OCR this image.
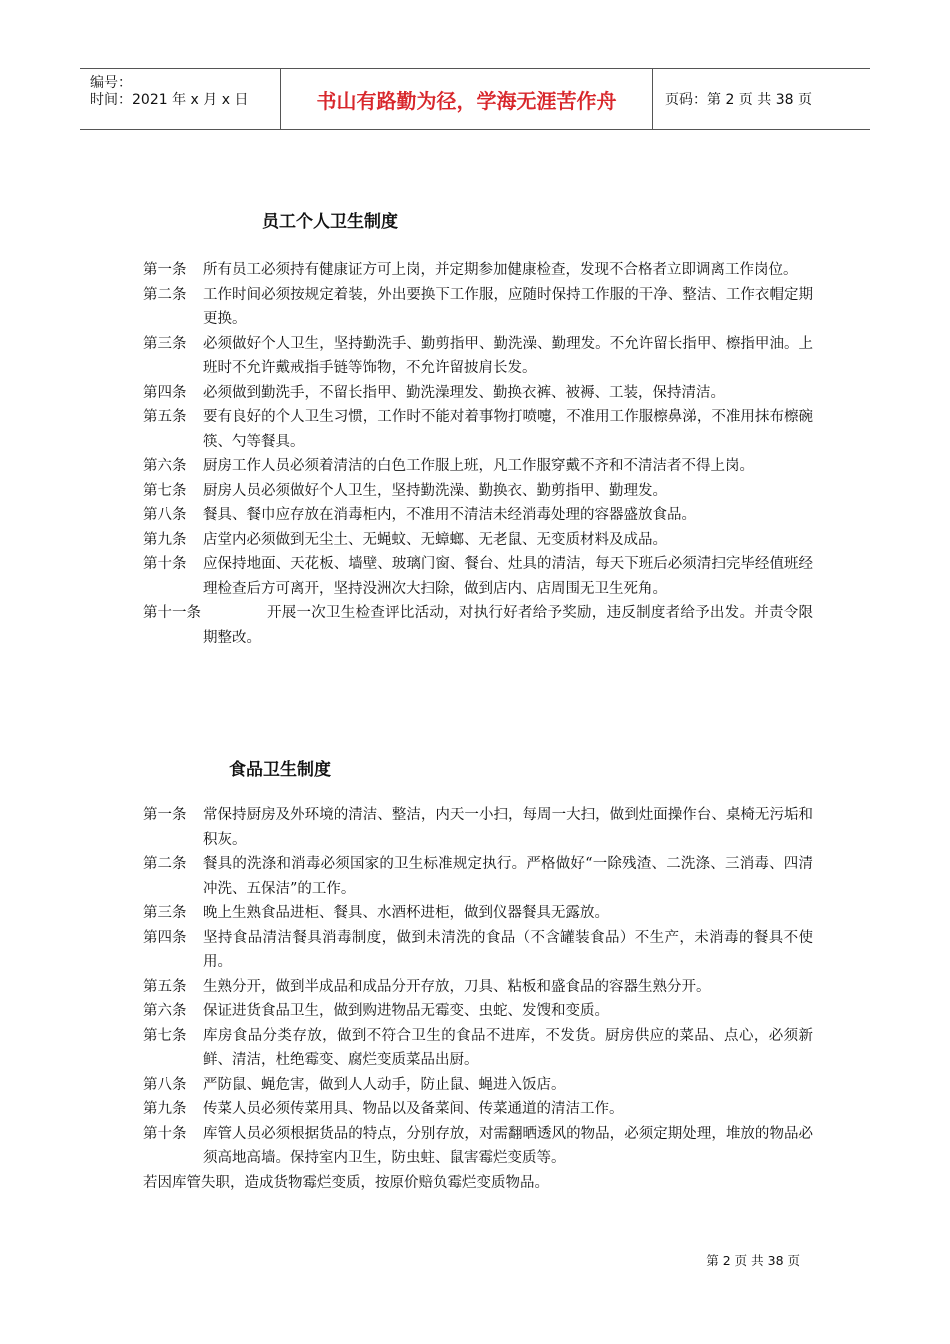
编号：
时间：2021 年 x 月 x 日	书山有路勤为径，学海无涯苦作舟	页码：第 2 页 共 38 页
员工个人卫生制度
第一条 所有员工必须持有健康证方可上岗，并定期参加健康检查，发现不合格者立即调离工作岗位。
第二条 工作时间必须按规定着装，外出要换下工作服，应随时保持工作服的干净、整洁、工作衣帽定期更换。
第三条 必须做好个人卫生，坚持勤洗手、勤剪指甲、勤洗澡、勤理发。不允许留长指甲、檫指甲油。上班时不允许戴戒指手链等饰物，不允许留披肩长发。
第四条 必须做到勤洗手，不留长指甲、勤洗澡理发、勤换衣裤、被褥、工装，保持清洁。
第五条 要有良好的个人卫生习惯，工作时不能对着事物打喷嚏，不准用工作服檫鼻涕，不准用抹布檫碗筷、勺等餐具。
第六条 厨房工作人员必须着清洁的白色工作服上班，凡工作服穿戴不齐和不清洁者不得上岗。
第七条 厨房人员必须做好个人卫生，坚持勤洗澡、勤换衣、勤剪指甲、勤理发。
第八条 餐具、餐巾应存放在消毒柜内，不准用不清洁未经消毒处理的容器盛放食品。
第九条 店堂内必须做到无尘土、无蝇蚊、无蟑螂、无老鼠、无变质材料及成品。
第十条 应保持地面、天花板、墙壁、玻璃门窗、餐台、灶具的清洁，每天下班后必须清扫完毕经值班经理检查后方可离开，坚持没洲次大扫除，做到店内、店周围无卫生死角。
第十一条	开展一次卫生检查评比活动，对执行好者给予奖励，违反制度者给予出发。并责令限期整改。
食品卫生制度
第一条 常保持厨房及外环境的清洁、整洁，内天一小扫，每周一大扫，做到灶面操作台、桌椅无污垢和积灰。
第二条 餐具的洗涤和消毒必须国家的卫生标准规定执行。严格做好“一除残渣、二洗涤、三消毒、四清冲洗、五保洁”的工作。
第三条 晚上生熟食品进柜、餐具、水酒杯进柜，做到仪器餐具无露放。
第四条 坚持食品清洁餐具消毒制度，做到未清洗的食品（不含罐装食品）不生产，未消毒的餐具不使用。
第五条 生熟分开，做到半成品和成品分开存放，刀具、粘板和盛食品的容器生熟分开。
第六条 保证进货食品卫生，做到购进物品无霉变、虫蛇、发馊和变质。
第七条 库房食品分类存放，做到不符合卫生的食品不进库，不发货。厨房供应的菜品、点心，必须新鲜、清洁，杜绝霉变、腐烂变质菜品出厨。
第八条 严防鼠、蝇危害，做到人人动手，防止鼠、蝇进入饭店。
第九条 传菜人员必须传菜用具、物品以及备菜间、传菜通道的清洁工作。
第十条 库管人员必须根据货品的特点，分别存放，对需翻晒透风的物品，必须定期处理，堆放的物品必须高地高墙。保持室内卫生，防虫蛀、鼠害霉烂变质等。
若因库管失职，造成货物霉烂变质，按原价赔负霉烂变质物品。
第 2 页 共 38 页
